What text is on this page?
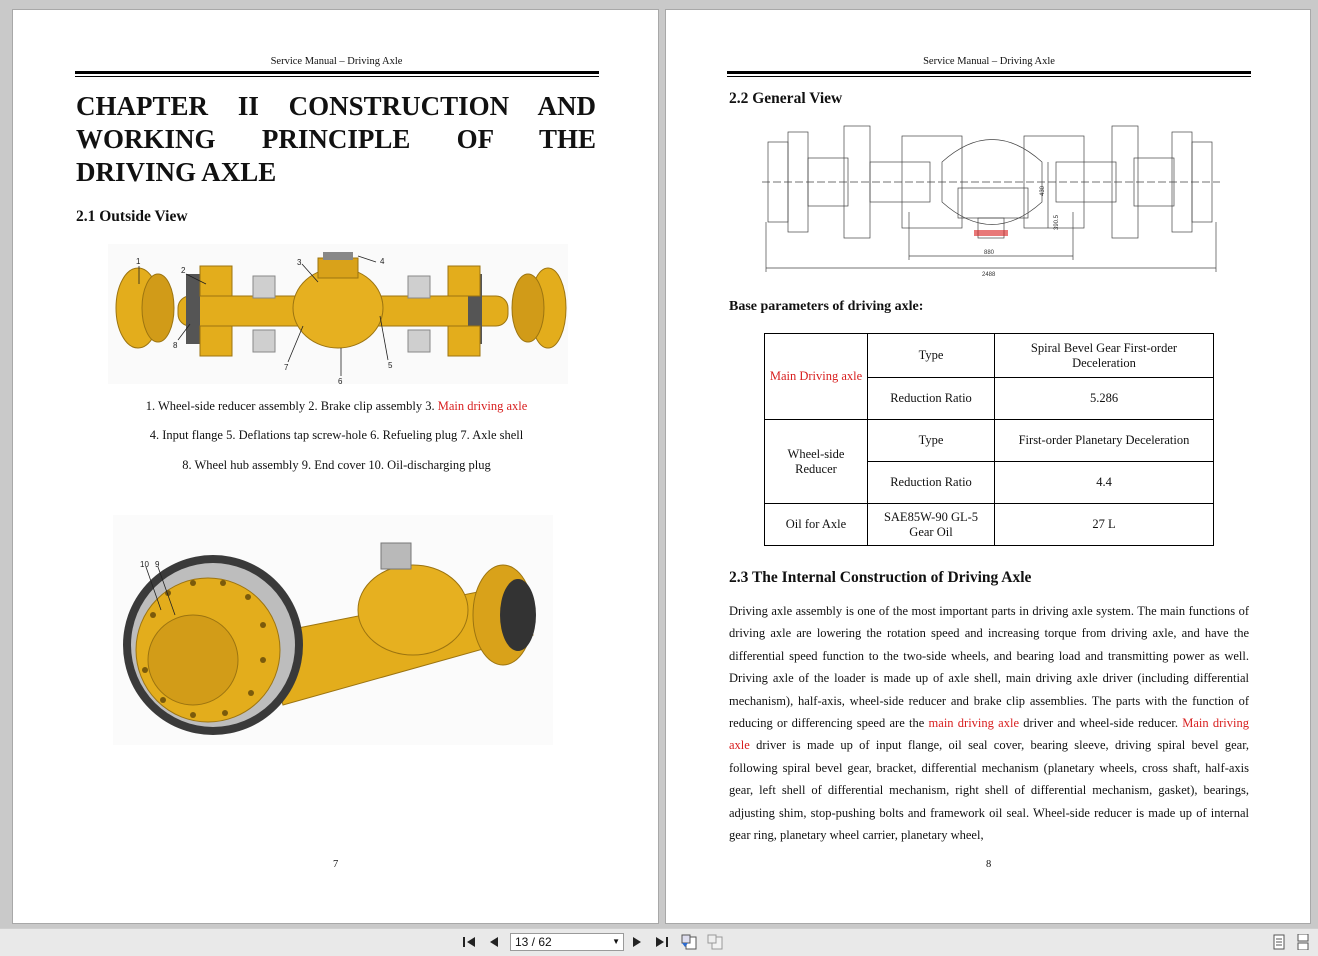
Service Manual – Driving Axle
CHAPTER II CONSTRUCTION AND
WORKING PRINCIPLE OF THE
DRIVING AXLE
2.1 Outside View
1
2
3	4
5
6
7
8
1. Wheel-side reducer assembly 2. Brake clip assembly 3. Main driving axle
4. Input flange 5. Deflations tap screw-hole 6. Refueling plug 7. Axle shell
8. Wheel hub assembly 9. End cover 10. Oil-discharging plug
10 9
7
Service Manual – Driving Axle
2.2 General View
880
2488
430
390.5
Base parameters of driving axle:
Main Driving axle	Type	Spiral Bevel Gear First-order Deceleration
	Reduction Ratio	5.286
Wheel-side Reducer	Type	First-order Planetary Deceleration
	Reduction Ratio	4.4
Oil for Axle	SAE85W-90 GL-5 Gear Oil	27 L
2.3 The Internal Construction of Driving Axle

Driving axle assembly is one of the most important parts in driving axle system. The main functions of driving axle are lowering the rotation speed and increasing torque from driving axle, and have the differential speed function to the two-side wheels, and bearing load and transmitting power as well. Driving axle of the loader is made up of axle shell, main driving axle driver (including differential mechanism), half-axis, wheel-side reducer and brake clip assemblies. The parts with the function of reducing or differencing speed are the main driving axle driver and wheel-side reducer. Main driving axle driver is made up of input flange, oil seal cover, bearing sleeve, driving spiral bevel gear, following spiral bevel gear, bracket, differential mechanism (planetary wheels, cross shaft, half-axis gear, left shell of differential mechanism, right shell of differential mechanism, gasket), bearings, adjusting shim, stop-pushing bolts and framework oil seal. Wheel-side reducer is made up of internal gear ring, planetary wheel carrier, planetary wheel,

8
13 / 62	▼
